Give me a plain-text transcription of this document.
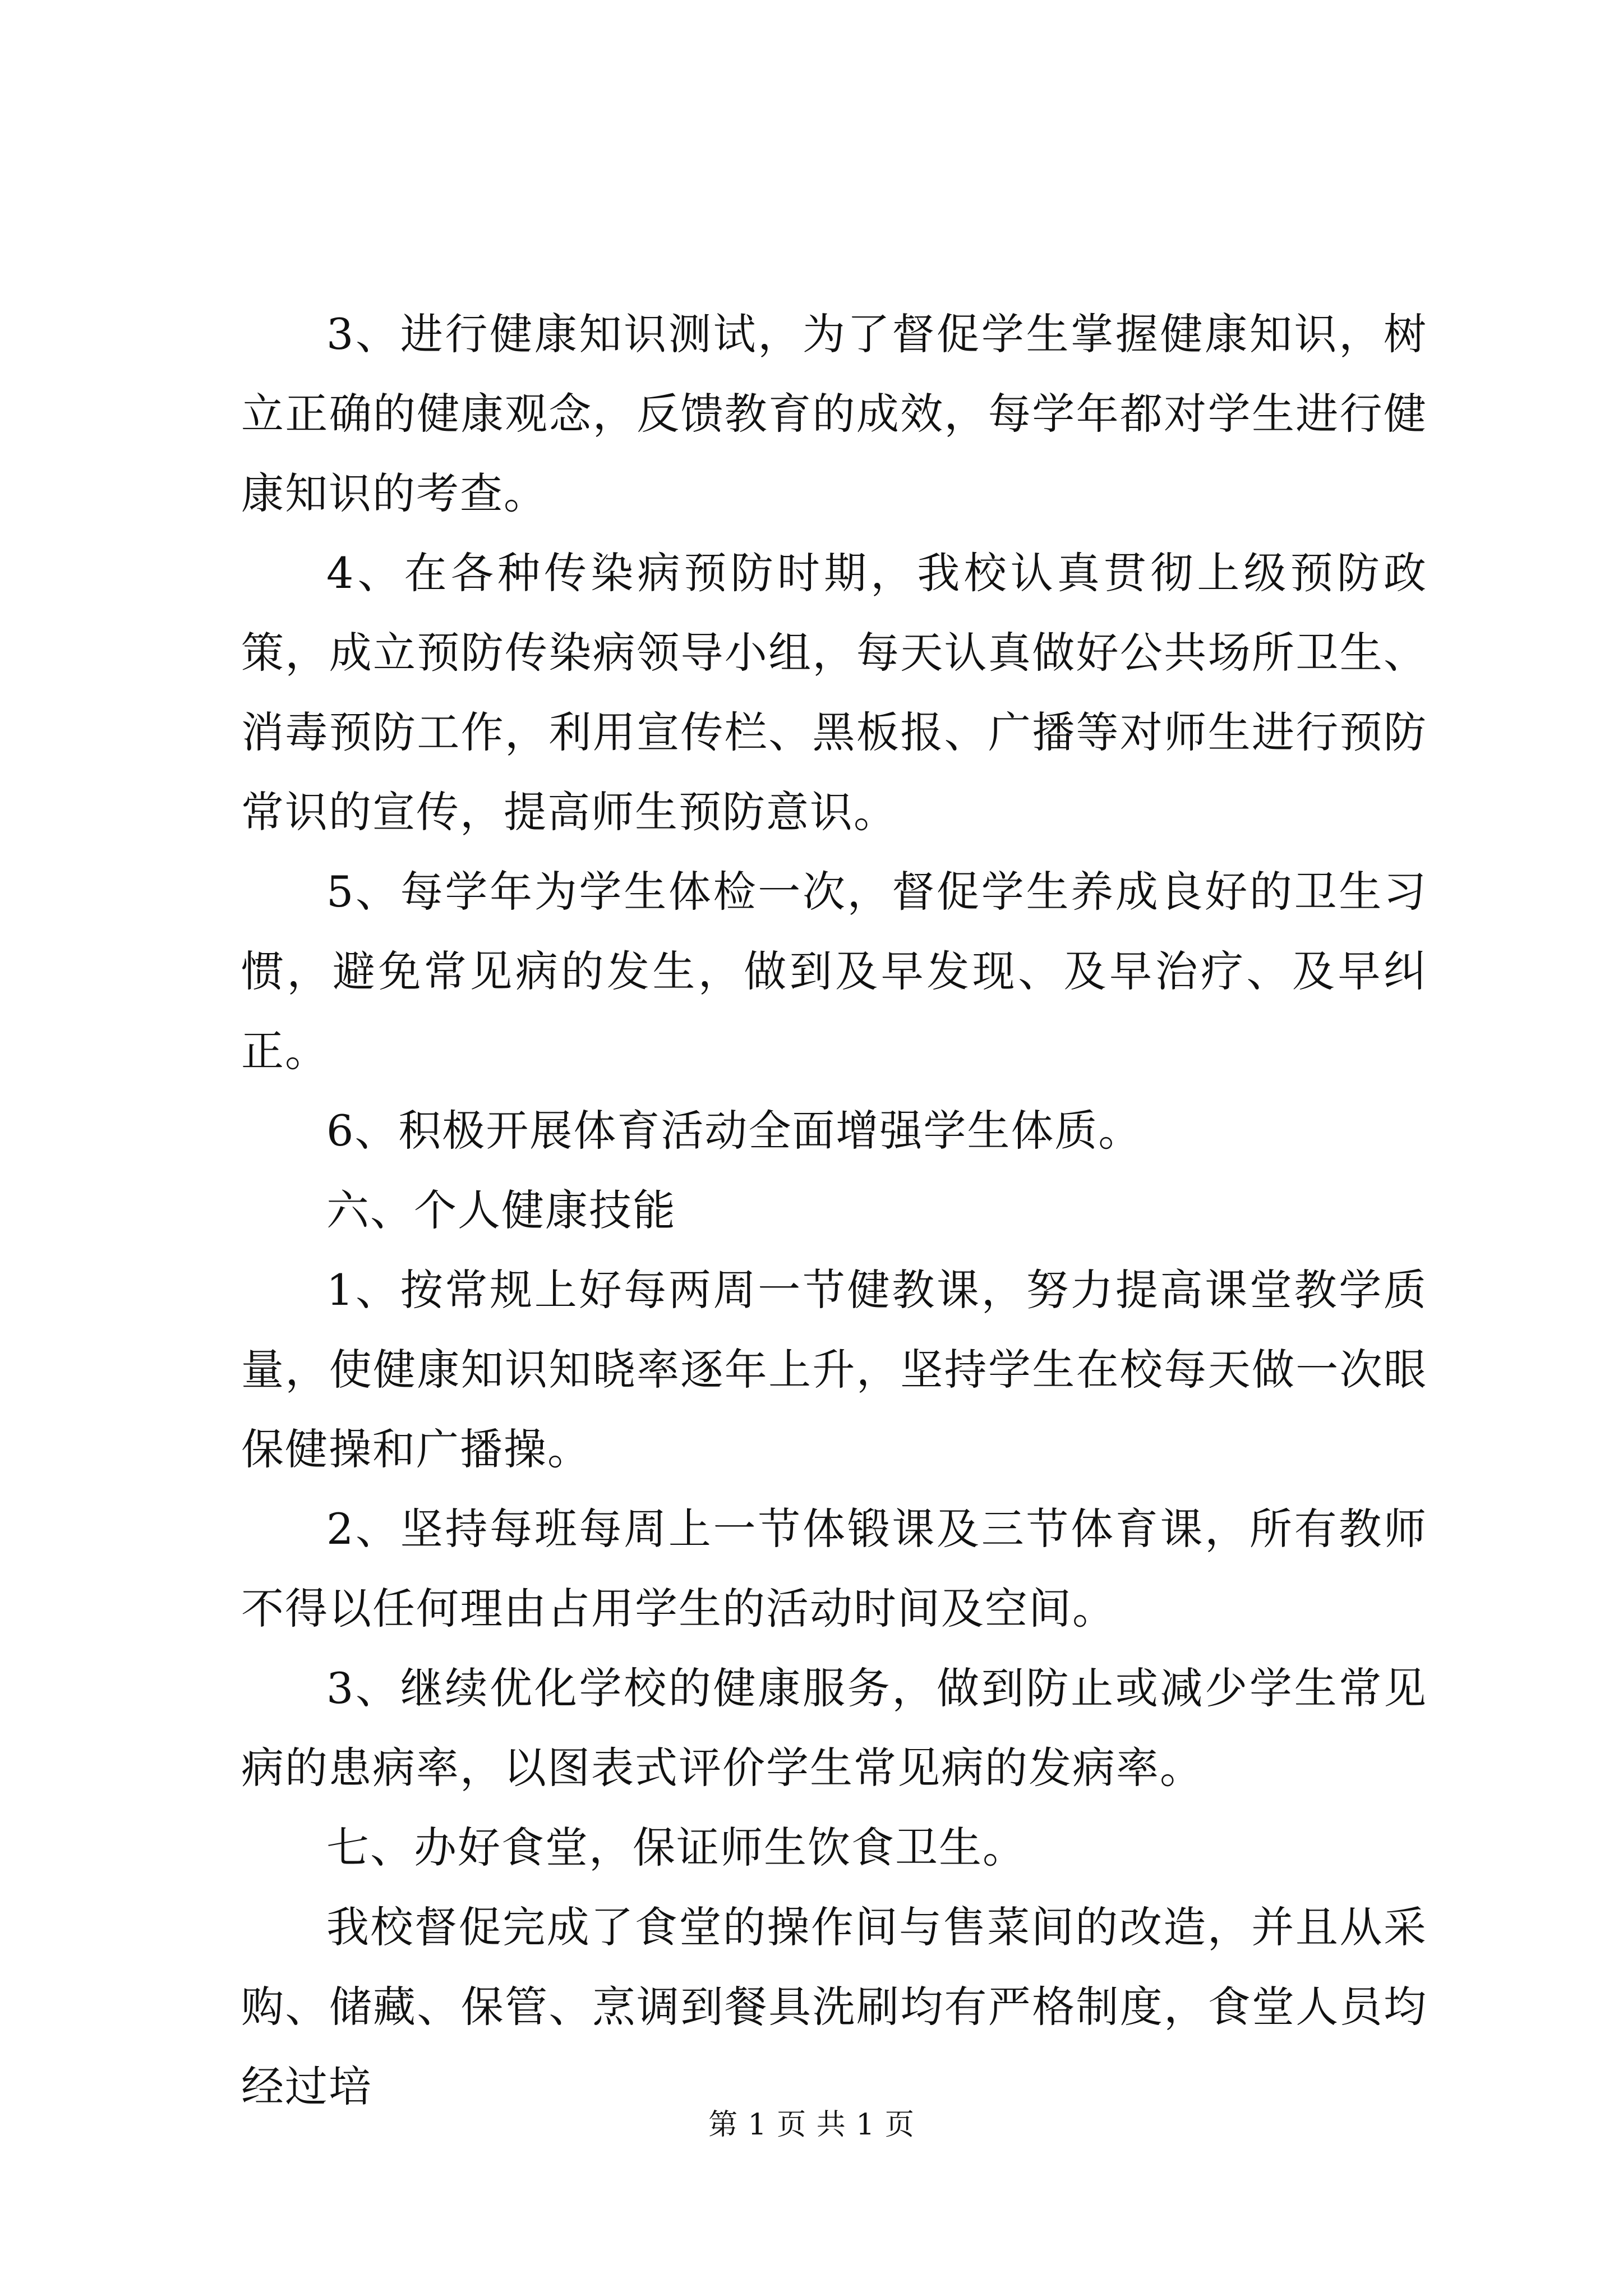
3、进行健康知识测试，为了督促学生掌握健康知识，树立正确的健康观念，反馈教育的成效，每学年都对学生进行健康知识的考查。

4、在各种传染病预防时期，我校认真贯彻上级预防政策，成立预防传染病领导小组，每天认真做好公共场所卫生、消毒预防工作，利用宣传栏、黑板报、广播等对师生进行预防常识的宣传，提高师生预防意识。

5、每学年为学生体检一次，督促学生养成良好的卫生习惯，避免常见病的发生，做到及早发现、及早治疗、及早纠正。

6、积极开展体育活动全面增强学生体质。

六、个人健康技能

1、按常规上好每两周一节健教课，努力提高课堂教学质量，使健康知识知晓率逐年上升，坚持学生在校每天做一次眼保健操和广播操。

2、坚持每班每周上一节体锻课及三节体育课，所有教师不得以任何理由占用学生的活动时间及空间。

3、继续优化学校的健康服务，做到防止或减少学生常见病的患病率，以图表式评价学生常见病的发病率。

七、办好食堂，保证师生饮食卫生。

我校督促完成了食堂的操作间与售菜间的改造，并且从采购、储藏、保管、烹调到餐具洗刷均有严格制度，食堂人员均经过培

第 1 页 共 1 页
